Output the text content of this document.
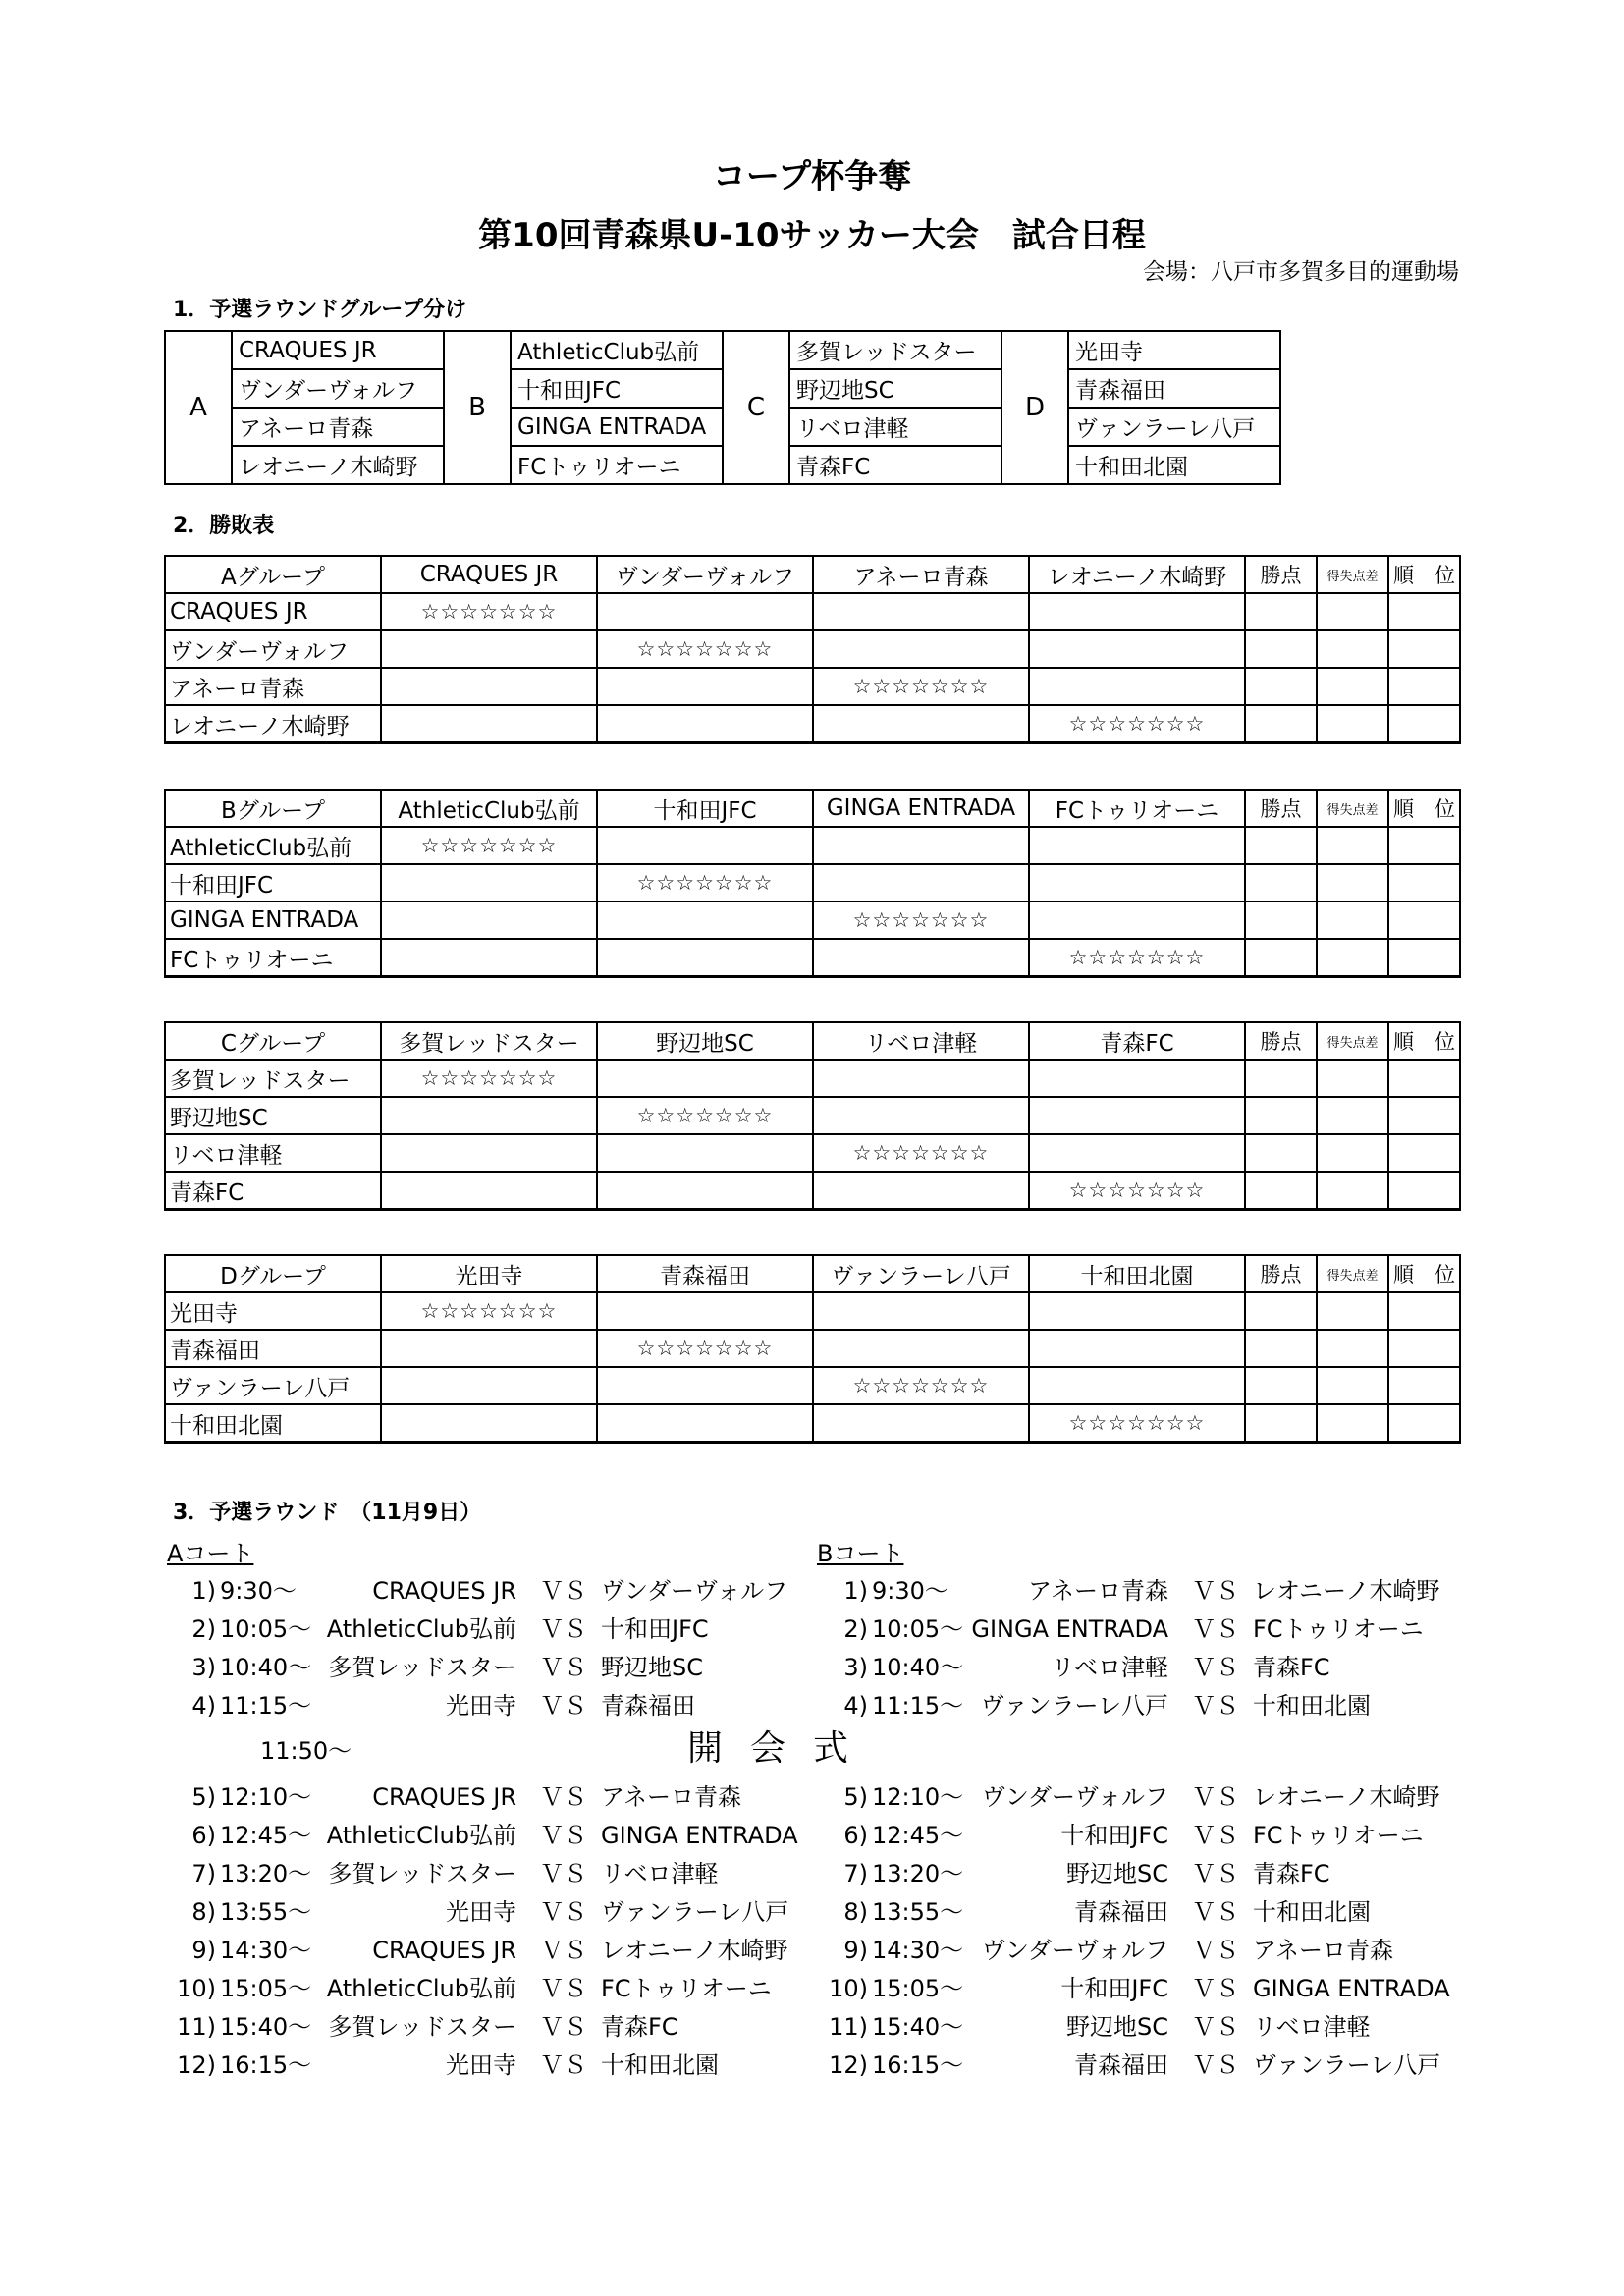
コープ杯争奪
第10回青森県U-10サッカー大会　試合日程
会場：八戸市多賀多目的運動場
1．予選ラウンドグループ分け
A	CRAQUES JR	B	AthleticClub弘前	C	多賀レッドスター	D	光田寺
	ヴンダーヴォルフ		十和田JFC		野辺地SC		青森福田
	アネーロ青森		GINGA ENTRADA		リベロ津軽		ヴァンラーレ八戸
	レオニーノ木崎野		FCトゥリオーニ		青森FC		十和田北園
2．勝敗表
Aグループ	CRAQUES JR	ヴンダーヴォルフ	アネーロ青森	レオニーノ木崎野	勝点	得失点差	順　位
CRAQUES JR	☆☆☆☆☆☆☆						
ヴンダーヴォルフ		☆☆☆☆☆☆☆					
アネーロ青森			☆☆☆☆☆☆☆				
レオニーノ木崎野				☆☆☆☆☆☆☆			
Bグループ	AthleticClub弘前	十和田JFC	GINGA ENTRADA	FCトゥリオーニ	勝点	得失点差	順　位
AthleticClub弘前	☆☆☆☆☆☆☆						
十和田JFC		☆☆☆☆☆☆☆					
GINGA ENTRADA			☆☆☆☆☆☆☆				
FCトゥリオーニ				☆☆☆☆☆☆☆			
Cグループ	多賀レッドスター	野辺地SC	リベロ津軽	青森FC	勝点	得失点差	順　位
多賀レッドスター	☆☆☆☆☆☆☆						
野辺地SC		☆☆☆☆☆☆☆					
リベロ津軽			☆☆☆☆☆☆☆				
青森FC				☆☆☆☆☆☆☆			
Dグループ	光田寺	青森福田	ヴァンラーレ八戸	十和田北園	勝点	得失点差	順　位
光田寺	☆☆☆☆☆☆☆						
青森福田		☆☆☆☆☆☆☆					
ヴァンラーレ八戸			☆☆☆☆☆☆☆				
十和田北園				☆☆☆☆☆☆☆			
3．予選ラウンド　（11月9日）
Aコート	Bコート
1) 9:30～	CRAQUES JR ＶＳ ヴンダーヴォルフ 1) 9:30～	アネーロ青森 ＶＳ レオニーノ木崎野
2) 10:05～ AthleticClub弘前 ＶＳ 十和田JFC	2) 10:05～ GINGA ENTRADA ＶＳ FCトゥリオーニ
3) 10:40～ 多賀レッドスター ＶＳ 野辺地SC	3) 10:40～	リベロ津軽 ＶＳ 青森FC
4) 11:15～	光田寺 ＶＳ 青森福田	4) 11:15～ ヴァンラーレ八戸 ＶＳ 十和田北園
5) 12:10～	CRAQUES JR ＶＳ アネーロ青森	5) 12:10～ ヴンダーヴォルフ ＶＳ レオニーノ木崎野
6) 12:45～ AthleticClub弘前 ＶＳ GINGA ENTRADA 6) 12:45～	十和田JFC ＶＳ FCトゥリオーニ
7) 13:20～ 多賀レッドスター ＶＳ リベロ津軽	7) 13:20～	野辺地SC ＶＳ 青森FC
8) 13:55～	光田寺 ＶＳ ヴァンラーレ八戸 8) 13:55～	青森福田 ＶＳ 十和田北園
9) 14:30～	CRAQUES JR ＶＳ レオニーノ木崎野 9) 14:30～ ヴンダーヴォルフ ＶＳ アネーロ青森
10) 15:05～ AthleticClub弘前 ＶＳ FCトゥリオーニ 10) 15:05～	十和田JFC ＶＳ GINGA ENTRADA
11) 15:40～ 多賀レッドスター ＶＳ 青森FC	11) 15:40～	野辺地SC ＶＳ リベロ津軽
12) 16:15～	光田寺 ＶＳ 十和田北園	12) 16:15～	青森福田 ＶＳ ヴァンラーレ八戸
11:50～	開会式
